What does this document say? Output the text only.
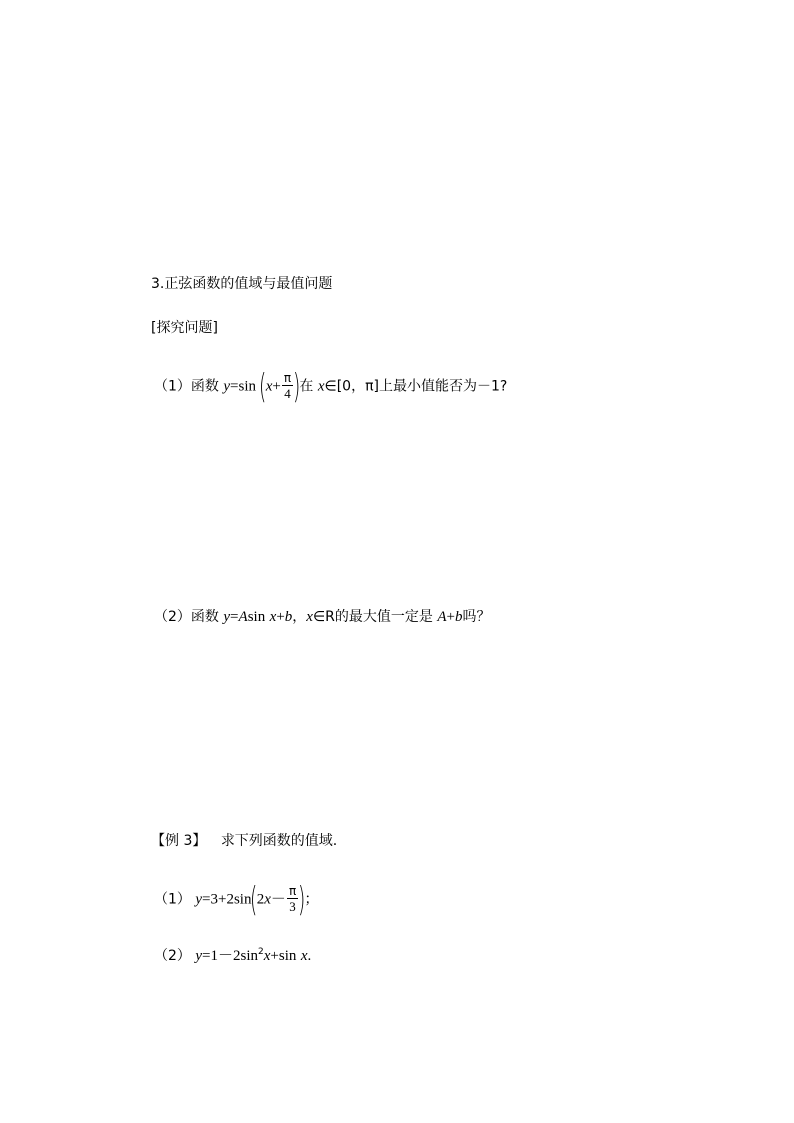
3.正弦函数的值域与最值问题
[探究问题]
（1）函数 y=sin ($x+ \frac{\pi}{4}$ )在 x∈[0，π]上最小值能否为－1?
（2）函数 y=Asin x+b，x∈R的最大值一定是 A+b吗？
【例 3】 求下列函数的值域.
（1） $y=3+2\sin(2x- \frac{\pi}{3}$ )；
（2） $y=1-2\sin^2x+\sin$ x.
